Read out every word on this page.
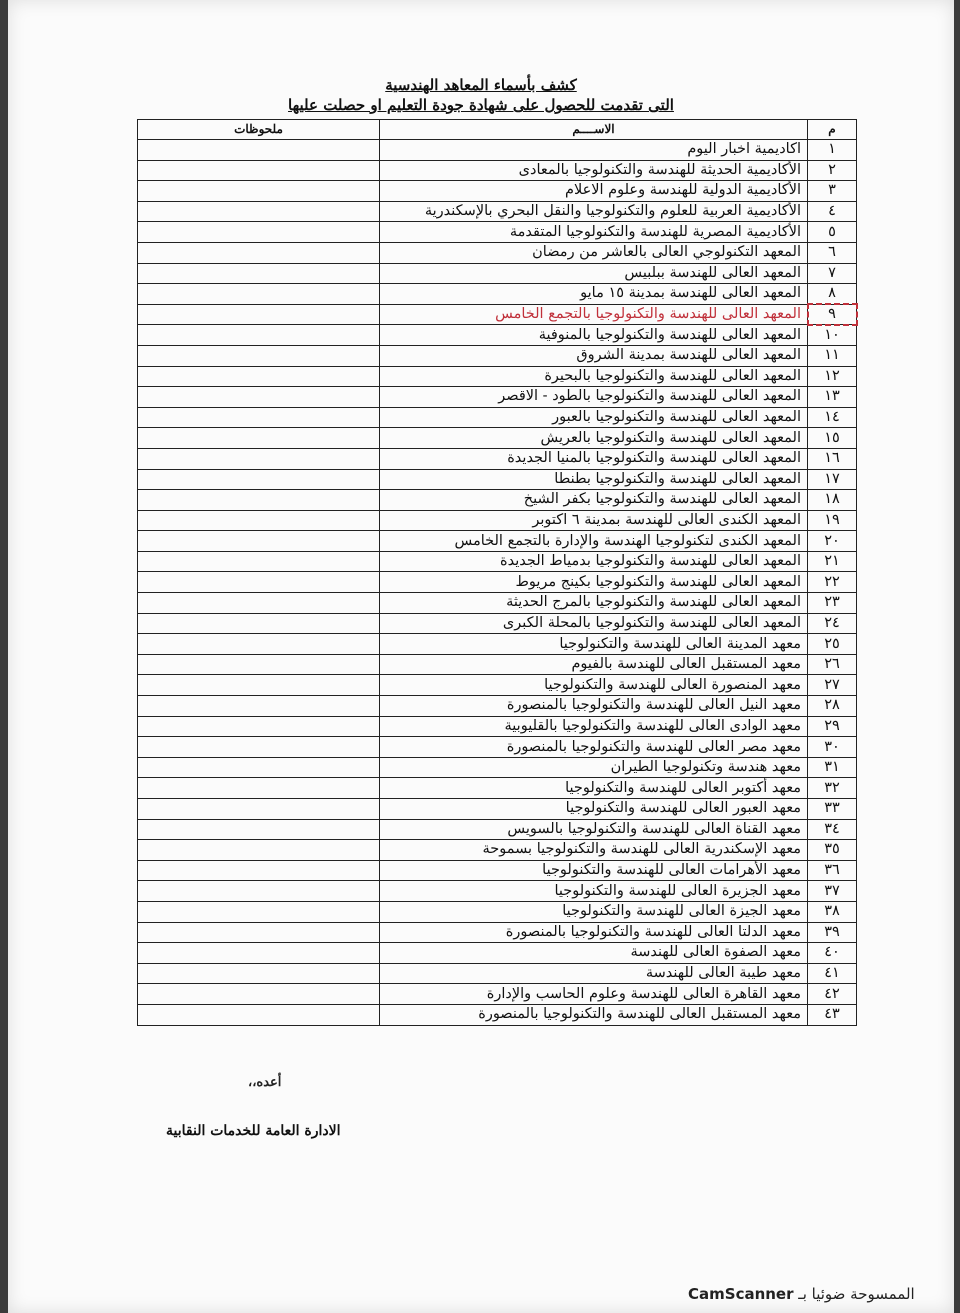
كشف بأسماء المعاهد الهندسية
التى تقدمت للحصول على شهادة جودة التعليم او حصلت عليها
م	الاســــم	ملحوظات
١	اكاديمية اخبار اليوم	
٢	الأكاديمية الحديثة للهندسة والتكنولوجيا بالمعادى	
٣	الأكاديمية الدولية للهندسة وعلوم الاعلام	
٤	الأكاديمية العربية للعلوم والتكنولوجيا والنقل البحري بالإسكندرية	
٥	الأكاديمية المصرية للهندسة والتكنولوجيا المتقدمة	
٦	المعهد التكنولوجي العالى بالعاشر من رمضان	
٧	المعهد العالى للهندسة ببلبيس	
٨	المعهد العالى للهندسة بمدينة ١٥ مايو	
٩	المعهد العالى للهندسة والتكنولوجيا بالتجمع الخامس	
١٠	المعهد العالى للهندسة والتكنولوجيا بالمنوفية	
١١	المعهد العالى للهندسة بمدينة الشروق	
١٢	المعهد العالى للهندسة والتكنولوجيا بالبحيرة	
١٣	المعهد العالى للهندسة والتكنولوجيا بالطود - الاقصر	
١٤	المعهد العالى للهندسة والتكنولوجيا بالعبور	
١٥	المعهد العالى للهندسة والتكنولوجيا بالعريش	
١٦	المعهد العالى للهندسة والتكنولوجيا بالمنيا الجديدة	
١٧	المعهد العالى للهندسة والتكنولوجيا بطنطا	
١٨	المعهد العالى للهندسة والتكنولوجيا بكفر الشيخ	
١٩	المعهد الكندى العالى للهندسة بمدينة ٦ اكتوبر	
٢٠	المعهد الكندى لتكنولوجيا الهندسة والإدارة بالتجمع الخامس	
٢١	المعهد العالى للهندسة والتكنولوجيا بدمياط الجديدة	
٢٢	المعهد العالى للهندسة والتكنولوجيا بكينج مريوط	
٢٣	المعهد العالى للهندسة والتكنولوجيا بالمرج الحديثة	
٢٤	المعهد العالى للهندسة والتكنولوجيا بالمحلة الكبرى	
٢٥	معهد المدينة العالى للهندسة والتكنولوجيا	
٢٦	معهد المستقبل العالى للهندسة بالفيوم	
٢٧	معهد المنصورة العالى للهندسة والتكنولوجيا	
٢٨	معهد النيل العالى للهندسة والتكنولوجيا بالمنصورة	
٢٩	معهد الوادى العالى للهندسة والتكنولوجيا بالقليوبية	
٣٠	معهد مصر العالى للهندسة والتكنولوجيا بالمنصورة	
٣١	معهد هندسة وتكنولوجيا الطيران	
٣٢	معهد أكتوبر العالى للهندسة والتكنولوجيا	
٣٣	معهد العبور العالى للهندسة والتكنولوجيا	
٣٤	معهد القناة العالى للهندسة والتكنولوجيا بالسويس	
٣٥	معهد الإسكندرية العالى للهندسة والتكنولوجيا بسموحة	
٣٦	معهد الأهرامات العالى للهندسة والتكنولوجيا	
٣٧	معهد الجزيرة العالى للهندسة والتكنولوجيا	
٣٨	معهد الجيزة العالى للهندسة والتكنولوجيا	
٣٩	معهد الدلتا العالى للهندسة والتكنولوجيا بالمنصورة	
٤٠	معهد الصفوة العالى للهندسة	
٤١	معهد طيبة العالى للهندسة	
٤٢	معهد القاهرة العالى للهندسة وعلوم الحاسب والإدارة	
٤٣	معهد المستقبل العالى للهندسة والتكنولوجيا بالمنصورة	
أعده،،
الادارة العامة للخدمات النقابية
الممسوحة ضوئيا بـ CamScanner
